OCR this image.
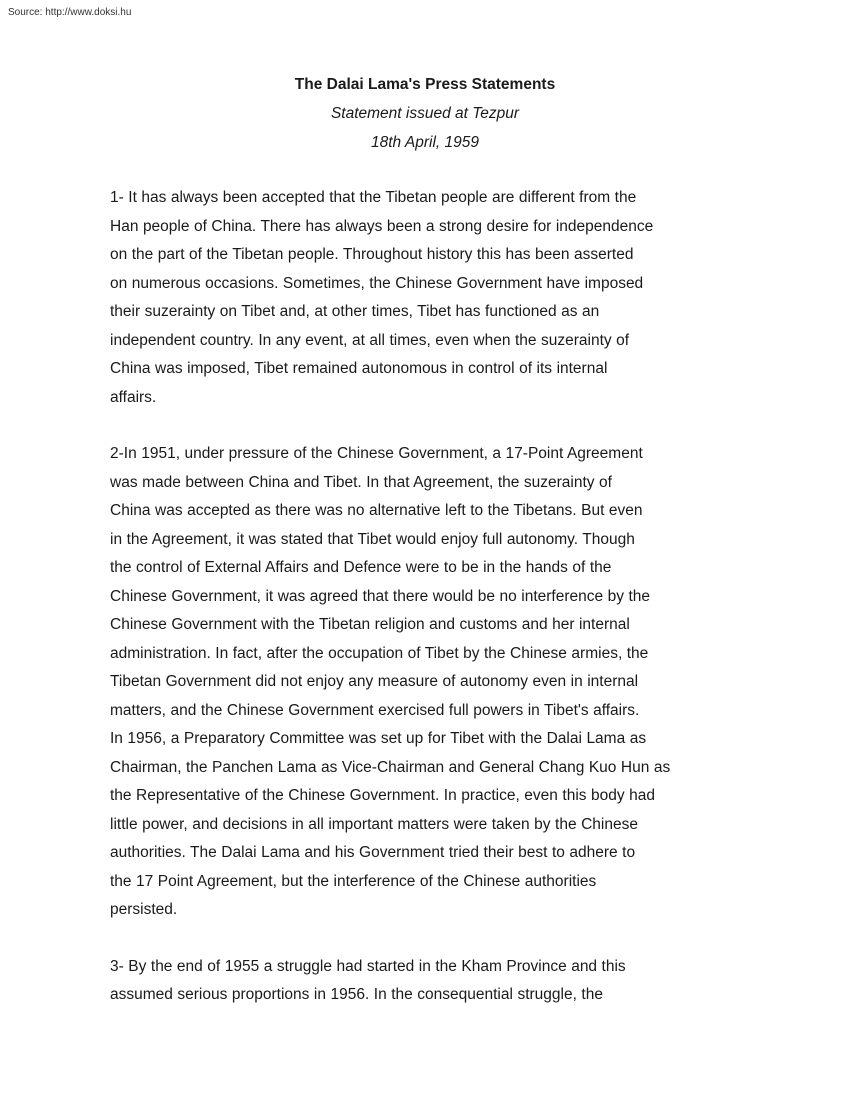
Source: http://www.doksi.hu

The Dalai Lama's Press Statements

Statement issued at Tezpur

18th April, 1959

1- It has always been accepted that the Tibetan people are different from the
Han people of China. There has always been a strong desire for independence
on the part of the Tibetan people. Throughout history this has been asserted
on numerous occasions. Sometimes, the Chinese Government have imposed
their suzerainty on Tibet and, at other times, Tibet has functioned as an
independent country. In any event, at all times, even when the suzerainty of
China was imposed, Tibet remained autonomous in control of its internal
affairs.

2-In 1951, under pressure of the Chinese Government, a 17-Point Agreement
was made between China and Tibet. In that Agreement, the suzerainty of
China was accepted as there was no alternative left to the Tibetans. But even
in the Agreement, it was stated that Tibet would enjoy full autonomy. Though
the control of External Affairs and Defence were to be in the hands of the
Chinese Government, it was agreed that there would be no interference by the
Chinese Government with the Tibetan religion and customs and her internal
administration. In fact, after the occupation of Tibet by the Chinese armies, the
Tibetan Government did not enjoy any measure of autonomy even in internal
matters, and the Chinese Government exercised full powers in Tibet's affairs.
In 1956, a Preparatory Committee was set up for Tibet with the Dalai Lama as
Chairman, the Panchen Lama as Vice-Chairman and General Chang Kuo Hun as
the Representative of the Chinese Government. In practice, even this body had
little power, and decisions in all important matters were taken by the Chinese
authorities. The Dalai Lama and his Government tried their best to adhere to
the 17 Point Agreement, but the interference of the Chinese authorities
persisted.

3- By the end of 1955 a struggle had started in the Kham Province and this
assumed serious proportions in 1956. In the consequential struggle, the
